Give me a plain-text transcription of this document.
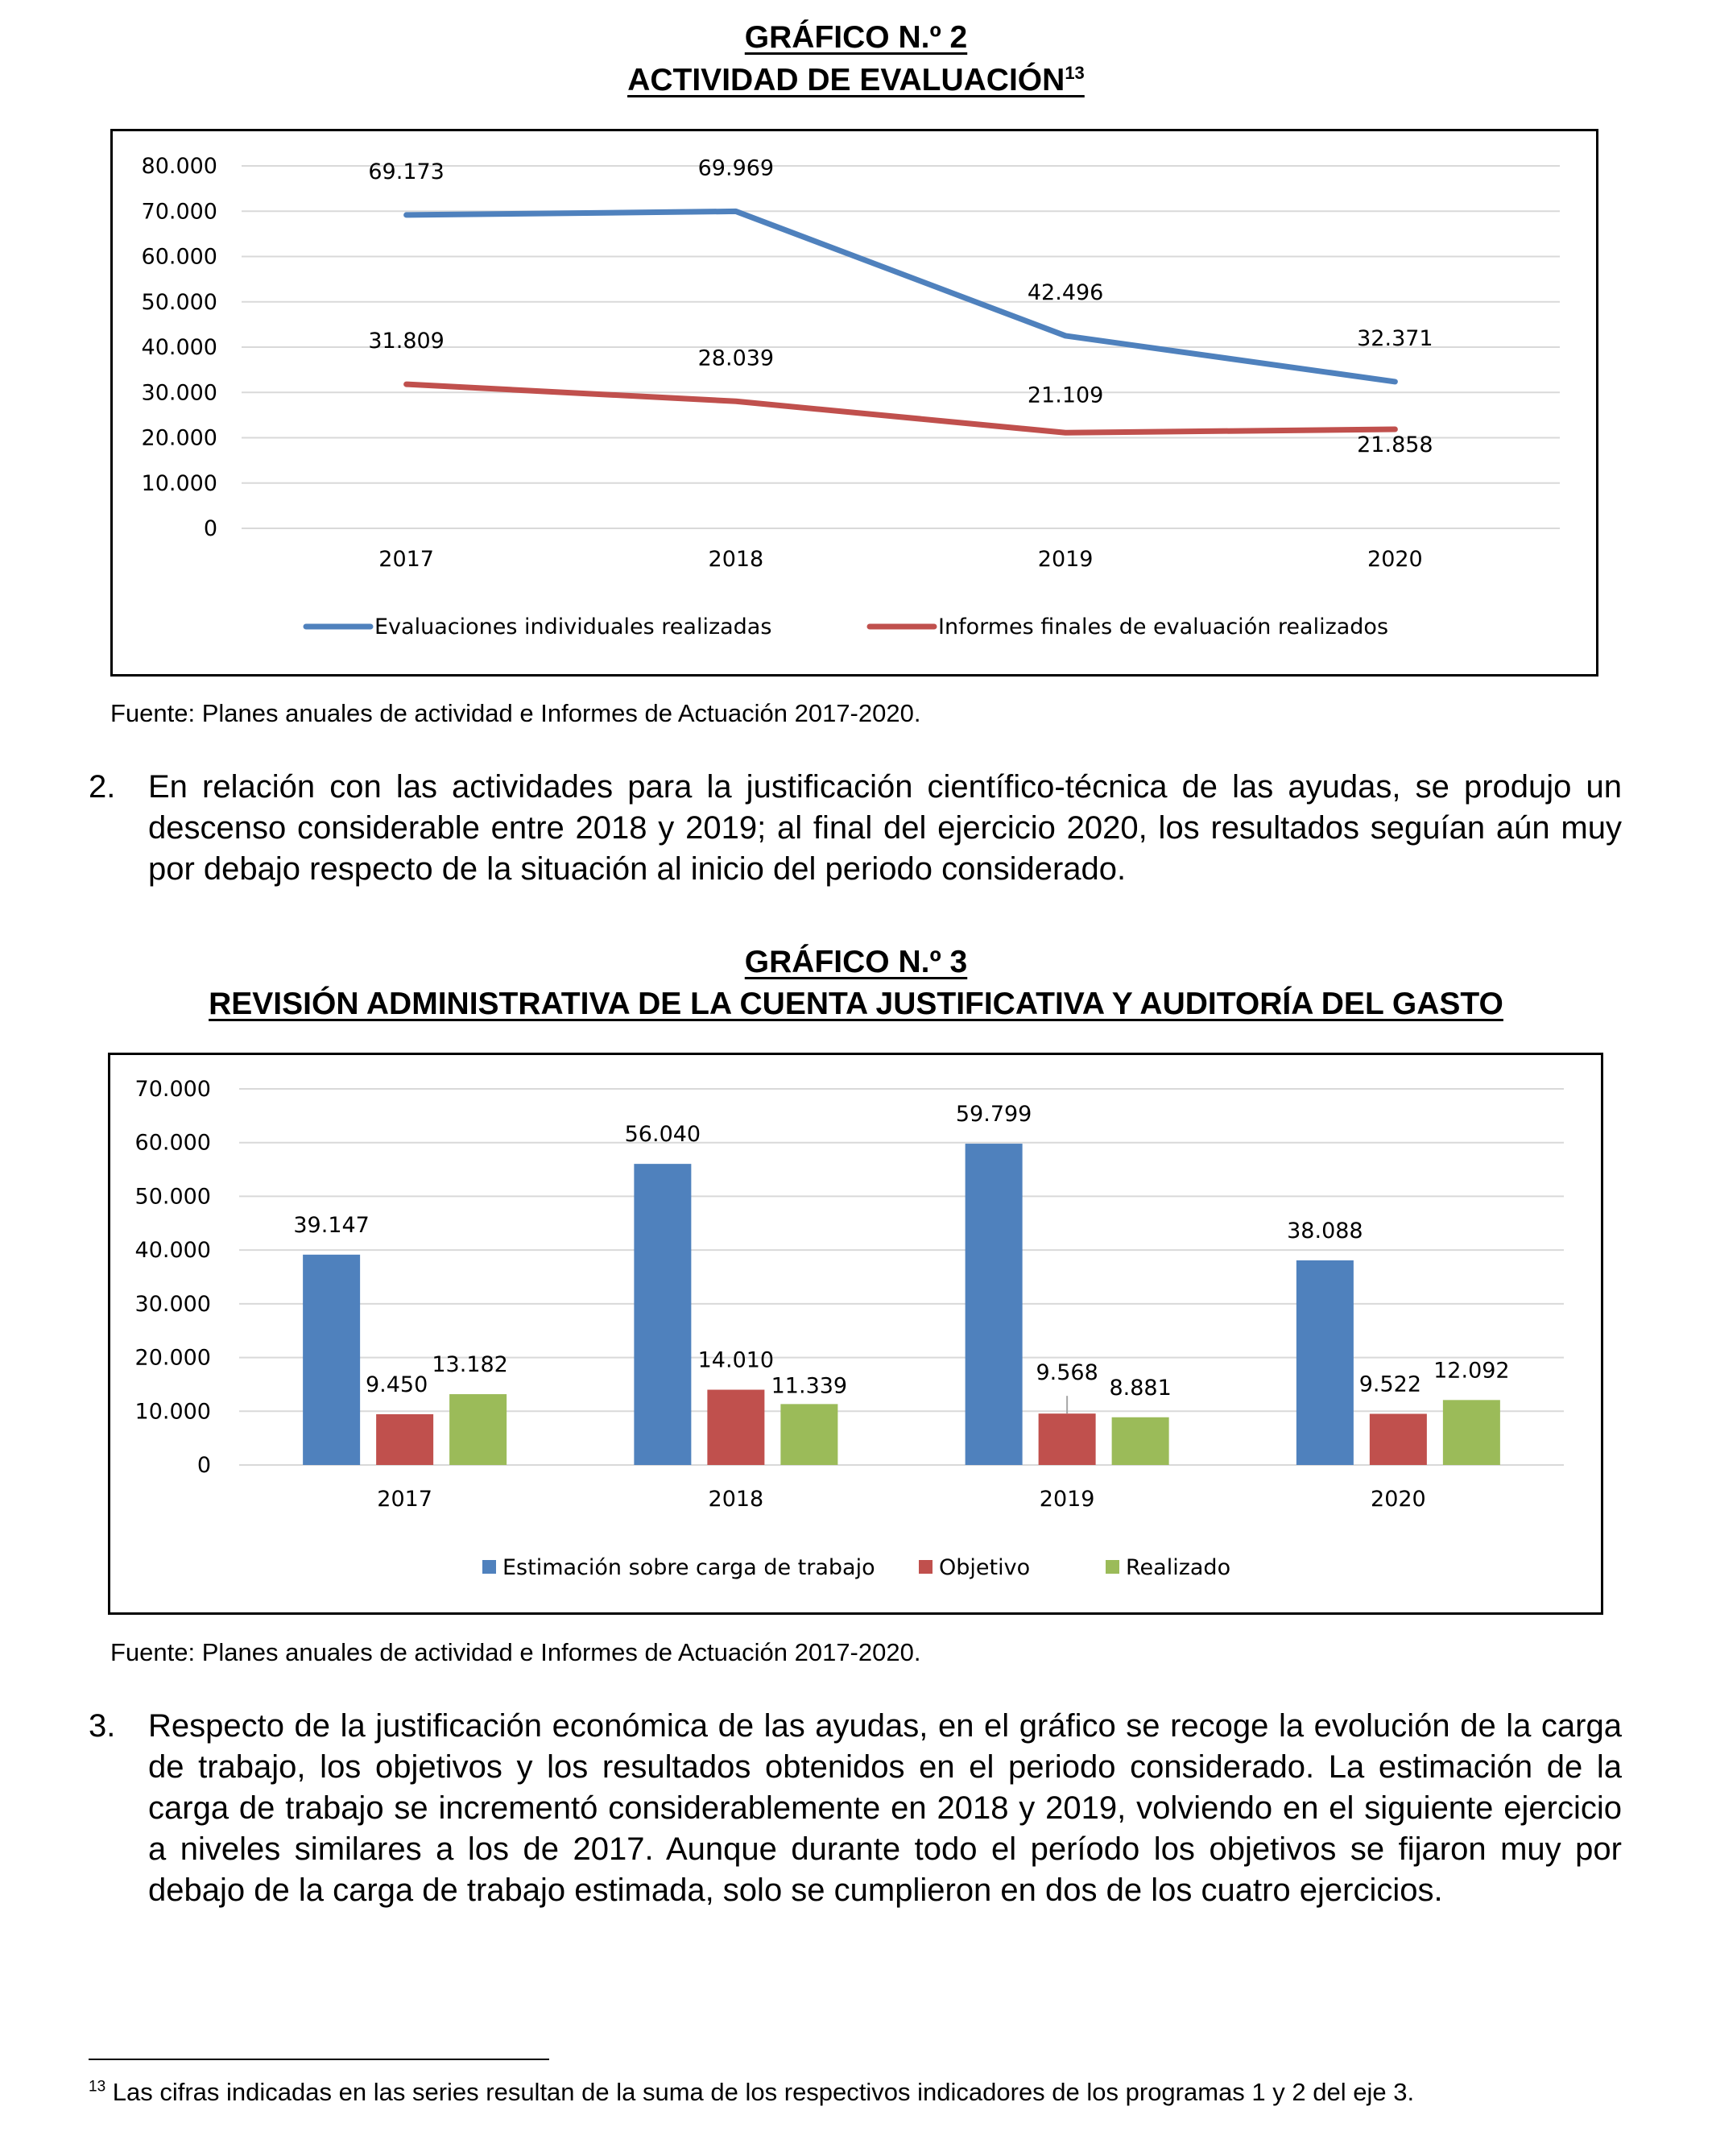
GRÁFICO N.º 2
ACTIVIDAD DE EVALUACIÓN$^{13}$
0
10.000
20.000
30.000
40.000
50.000
60.000
70.000
80.000
2017	2018	2019	2020
69.173	69.969
42.496
32.371
31.809
28.039
21.109
21.858
Evaluaciones individuales realizadas	Informes finales de evaluación realizados
Fuente: Planes anuales de actividad e Informes de Actuación 2017-2020.
2.	En relación con las actividades para la justificación científico-técnica de las ayudas, se produjo un descenso considerable entre 2018 y 2019; al final del ejercicio 2020, los resultados seguían aún muy por debajo respecto de la situación al inicio del periodo considerado.
GRÁFICO N.º 3
REVISIÓN ADMINISTRATIVA DE LA CUENTA JUSTIFICATIVA Y AUDITORÍA DEL GASTO
0
10.000
20.000
30.000
40.000
50.000
60.000
70.000
2017	2018	2019	2020
39.147
56.040
59.799
38.088
9.450
14.010
9.568	9.522
13.182
11.339	8.881
12.092
Estimación sobre carga de trabajo	Objetivo	Realizado
Fuente: Planes anuales de actividad e Informes de Actuación 2017-2020.
3.	Respecto de la justificación económica de las ayudas, en el gráfico se recoge la evolución de la carga de trabajo, los objetivos y los resultados obtenidos en el periodo considerado. La estimación de la carga de trabajo se incrementó considerablemente en 2018 y 2019, volviendo en el siguiente ejercicio a niveles similares a los de 2017. Aunque durante todo el período los objetivos se fijaron muy por debajo de la carga de trabajo estimada, solo se cumplieron en dos de los cuatro ejercicios.
$^{13}$ Las cifras indicadas en las series resultan de la suma de los respectivos indicadores de los programas 1 y 2 del eje 3.
